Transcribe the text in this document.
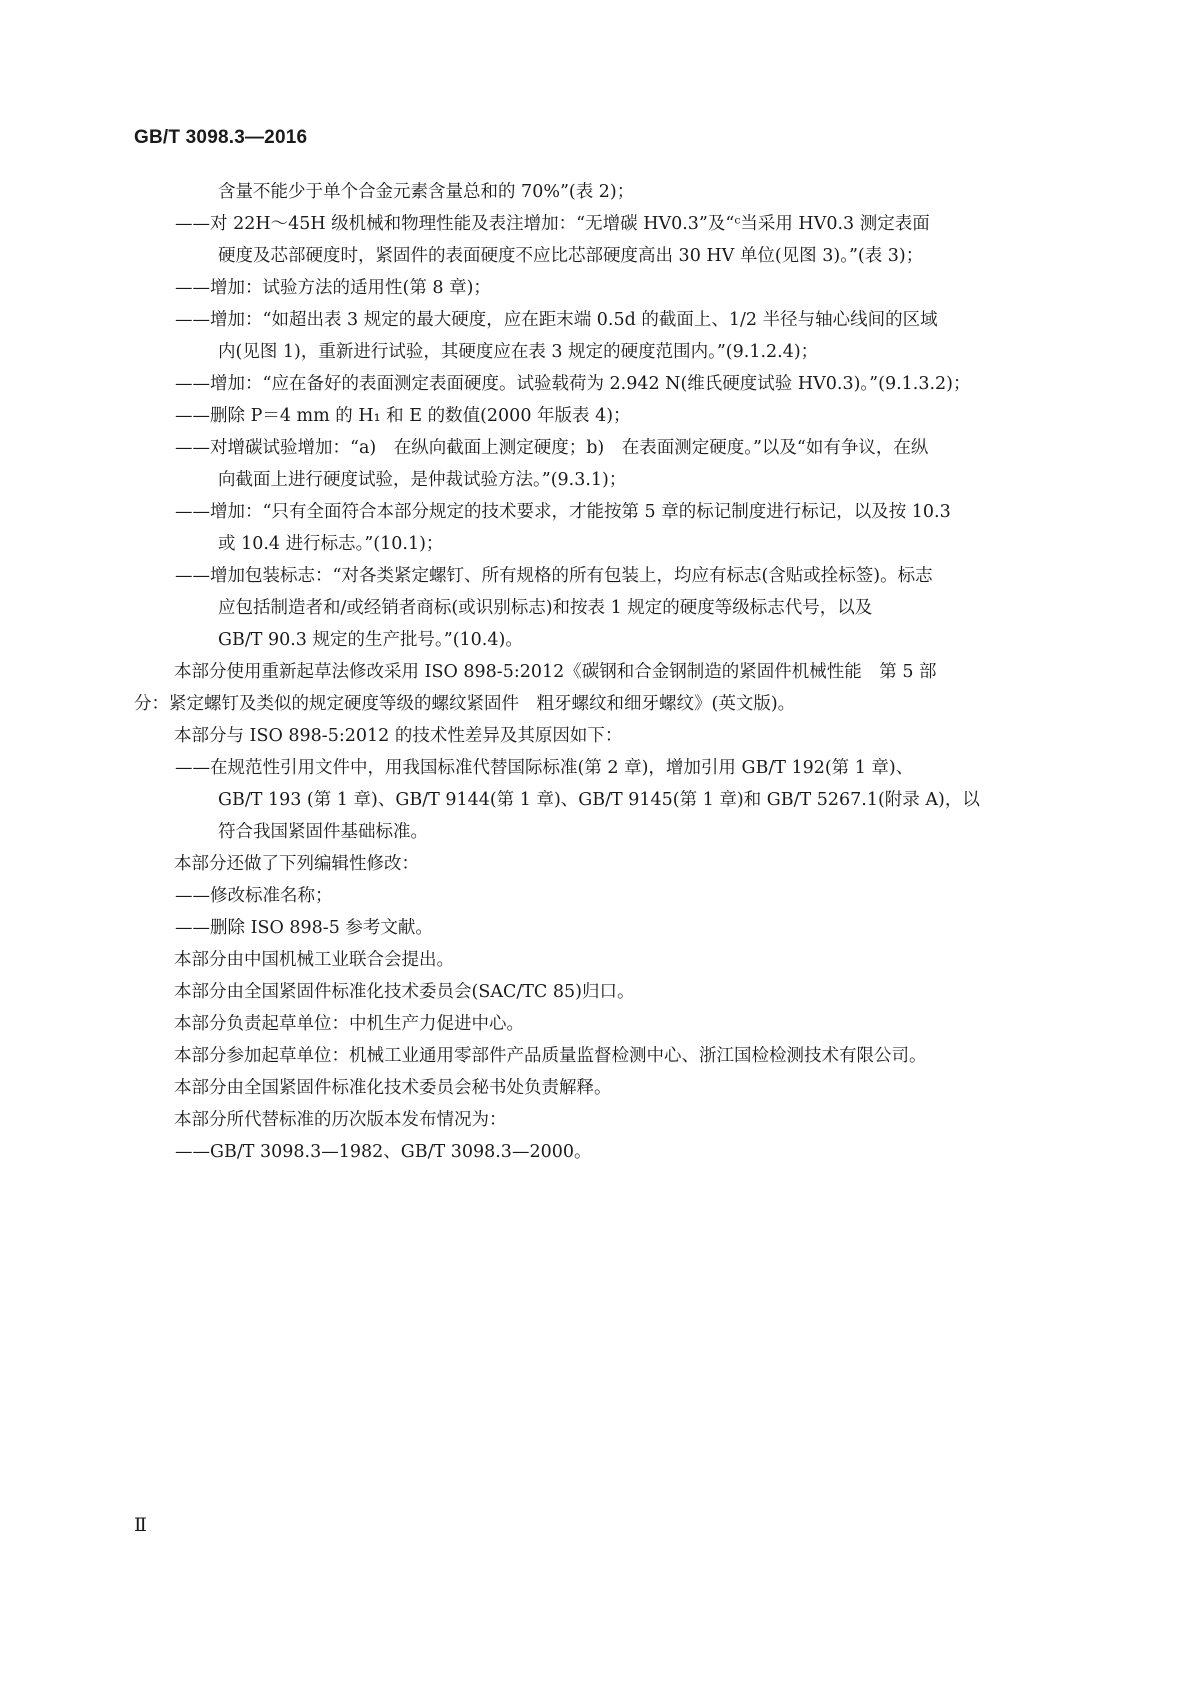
GB/T 3098.3—2016
含量不能少于单个合金元素含量总和的 70%”(表 2)；
——对 22H～45H 级机械和物理性能及表注增加：“无增碳 HV0.3”及“ᶜ当采用 HV0.3 测定表面
硬度及芯部硬度时，紧固件的表面硬度不应比芯部硬度高出 30 HV 单位(见图 3)。”(表 3)；
——增加：试验方法的适用性(第 8 章)；
——增加：“如超出表 3 规定的最大硬度，应在距末端 0.5d 的截面上、1/2 半径与轴心线间的区域
内(见图 1)，重新进行试验，其硬度应在表 3 规定的硬度范围内。”(9.1.2.4)；
——增加：“应在备好的表面测定表面硬度。试验载荷为 2.942 N(维氏硬度试验 HV0.3)。”(9.1.3.2)；
——删除 P＝4 mm 的 H₁ 和 E 的数值(2000 年版表 4)；
——对增碳试验增加：“a)　在纵向截面上测定硬度；b)　在表面测定硬度。”以及“如有争议，在纵
向截面上进行硬度试验，是仲裁试验方法。”(9.3.1)；
——增加：“只有全面符合本部分规定的技术要求，才能按第 5 章的标记制度进行标记，以及按 10.3
或 10.4 进行标志。”(10.1)；
——增加包装标志：“对各类紧定螺钉、所有规格的所有包装上，均应有标志(含贴或拴标签)。标志
应包括制造者和/或经销者商标(或识别标志)和按表 1 规定的硬度等级标志代号，以及
GB/T 90.3 规定的生产批号。”(10.4)。
本部分使用重新起草法修改采用 ISO 898-5:2012《碳钢和合金钢制造的紧固件机械性能　第 5 部
分：紧定螺钉及类似的规定硬度等级的螺纹紧固件　粗牙螺纹和细牙螺纹》(英文版)。
本部分与 ISO 898-5:2012 的技术性差异及其原因如下：
——在规范性引用文件中，用我国标准代替国际标准(第 2 章)，增加引用 GB/T 192(第 1 章)、
GB/T 193 (第 1 章)、GB/T 9144(第 1 章)、GB/T 9145(第 1 章)和 GB/T 5267.1(附录 A)，以
符合我国紧固件基础标准。
本部分还做了下列编辑性修改：
——修改标准名称；
——删除 ISO 898-5 参考文献。
本部分由中国机械工业联合会提出。
本部分由全国紧固件标准化技术委员会(SAC/TC 85)归口。
本部分负责起草单位：中机生产力促进中心。
本部分参加起草单位：机械工业通用零部件产品质量监督检测中心、浙江国检检测技术有限公司。
本部分由全国紧固件标准化技术委员会秘书处负责解释。
本部分所代替标准的历次版本发布情况为：
——GB/T 3098.3—1982、GB/T 3098.3—2000。
Ⅱ
